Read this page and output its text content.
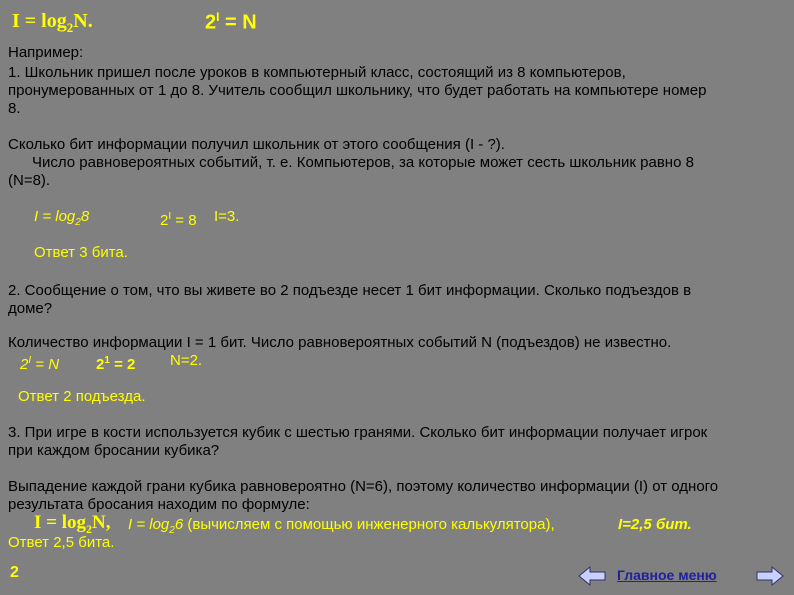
$I = \log_2N$.	$2^I = N$
Например:
1. Школьник пришел после уроков в компьютерный класс, состоящий из 8 компьютеров,
пронумерованных от 1 до 8. Учитель сообщил школьнику, что будет работать на компьютере номер
8.
Сколько бит информации получил школьник от этого сообщения (I - ?).
Число равновероятных событий, т. е. Компьютеров, за которые может сесть школьник равно 8
(N=8).
$I = \log_28$	$2^I = 8$ I=3.
Ответ 3 бита.
2. Сообщение о том, что вы живете во 2 подъезде несет 1 бит информации. Сколько подъездов в
доме?
Количество информации I = 1 бит. Число равновероятных событий N (подъездов) не известно.
$2^I = N$ $2^1 = 2$ N=2.
Ответ 2 подъезда.
3. При игре в кости используется кубик с шестью гранями. Сколько бит информации получает игрок
при каждом бросании кубика?
Выпадение каждой грани кубика равновероятно (N=6), поэтому количество информации (I) от одного
результата бросания находим по формуле:
$I = \log_2N$, $I = \log_26$ (вычисляем с помощью инженерного калькулятора),	I=2,5 бит.
Ответ 2,5 бита.
2	Главное меню
